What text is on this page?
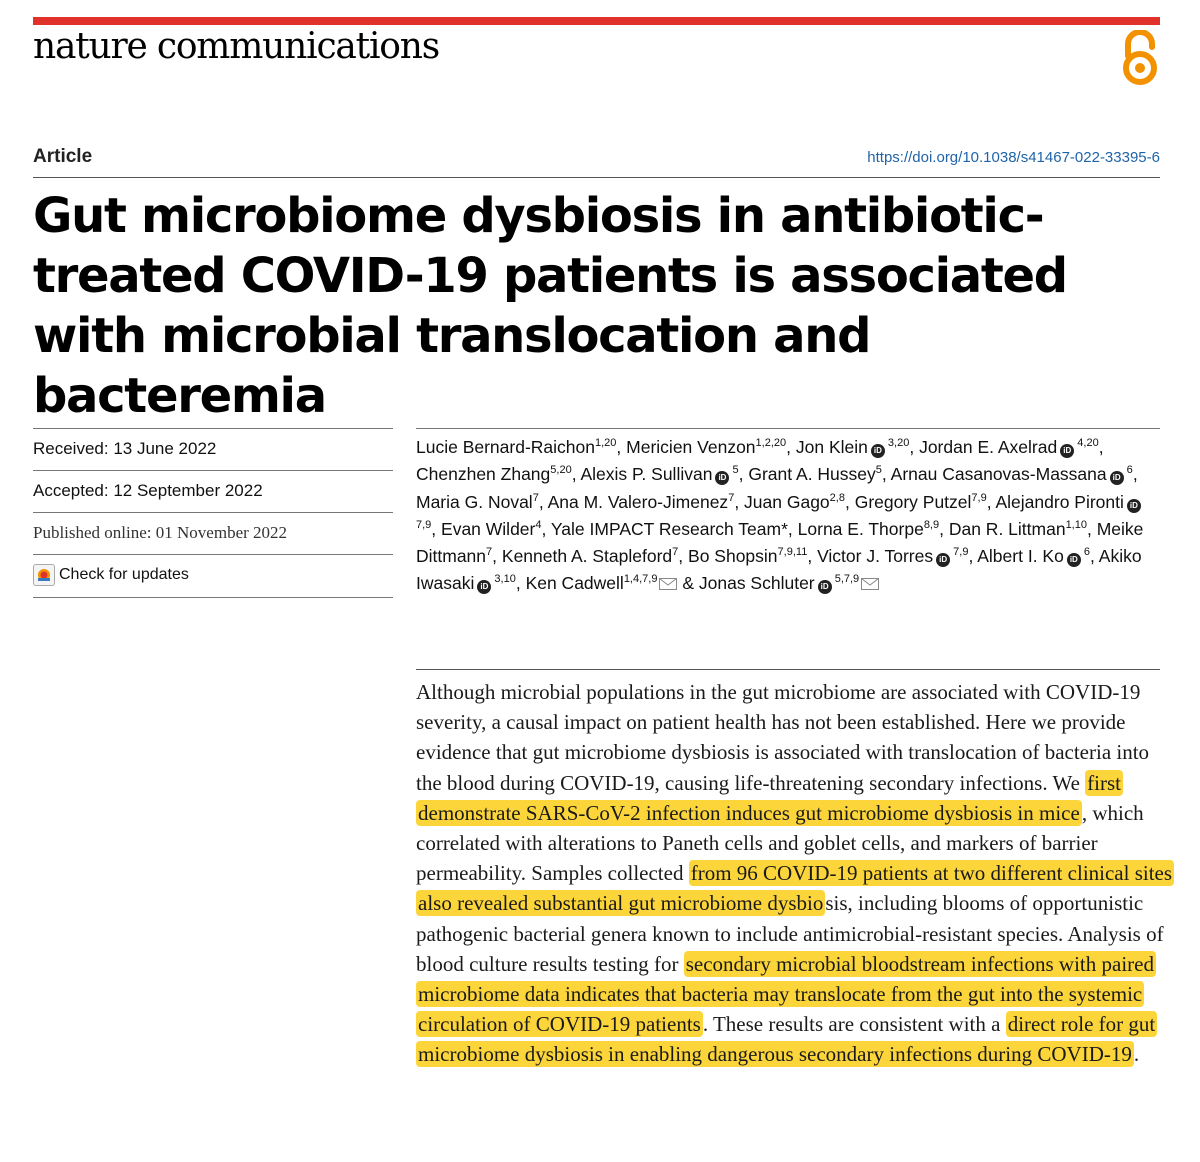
nature communications
Article	https://doi.org/10.1038/s41467-022-33395-6
Gut microbiome dysbiosis in antibiotic-treated COVID-19 patients is associated with microbial translocation and bacteremia
Received: 13 June 2022
Accepted: 12 September 2022
Published online: 01 November 2022
Check for updates
Lucie Bernard-Raichon$^{1,20}$, Mericien Venzon$^{1,2,20}$, Jon Klein iD $^{3,20}$, Jordan E. Axelrad iD $^{4,20}$, Chenzhen Zhang$^{5,20}$, Alexis P. Sullivan iD $^5$, Grant A. Hussey$^5$, Arnau Casanovas-Massana iD $^6$, Maria G. Noval$^7$, Ana M. Valero-Jimenez$^7$, Juan Gago$^{2,8}$, Gregory Putzel$^{7,9}$, Alejandro Pironti iD $^{7,9}$, Evan Wilder$^4$, Yale IMPACT Research Team*, Lorna E. Thorpe$^{8,9}$, Dan R. Littman$^{1,10}$, Meike Dittmann$^7$, Kenneth A. Stapleford$^7$, Bo Shopsin$^{7,9,11}$, Victor J. Torres iD $^{7,9}$, Albert I. Ko iD $^6$, Akiko Iwasaki iD $^{3,10}$, Ken Cadwell$^{1,4,7,9}$ & Jonas Schluter iD $^{5,7,9}$

Although microbial populations in the gut microbiome are associated with COVID-19 severity, a causal impact on patient health has not been established. Here we provide evidence that gut microbiome dysbiosis is associated with translocation of bacteria into the blood during COVID-19, causing life-threatening secondary infections. We first demonstrate SARS-CoV-2 infection induces gut microbiome dysbiosis in mice, which correlated with alterations to Paneth cells and goblet cells, and markers of barrier permeability. Samples collected from 96 COVID-19 patients at two different clinical sites also revealed substantial gut microbiome dysbiosis, including blooms of opportunistic pathogenic bacterial genera known to include antimicrobial-resistant species. Analysis of blood culture results testing for secondary microbial bloodstream infections with paired microbiome data indicates that bacteria may translocate from the gut into the systemic circulation of COVID-19 patients. These results are consistent with a direct role for gut microbiome dysbiosis in enabling dangerous secondary infections during COVID-19.
